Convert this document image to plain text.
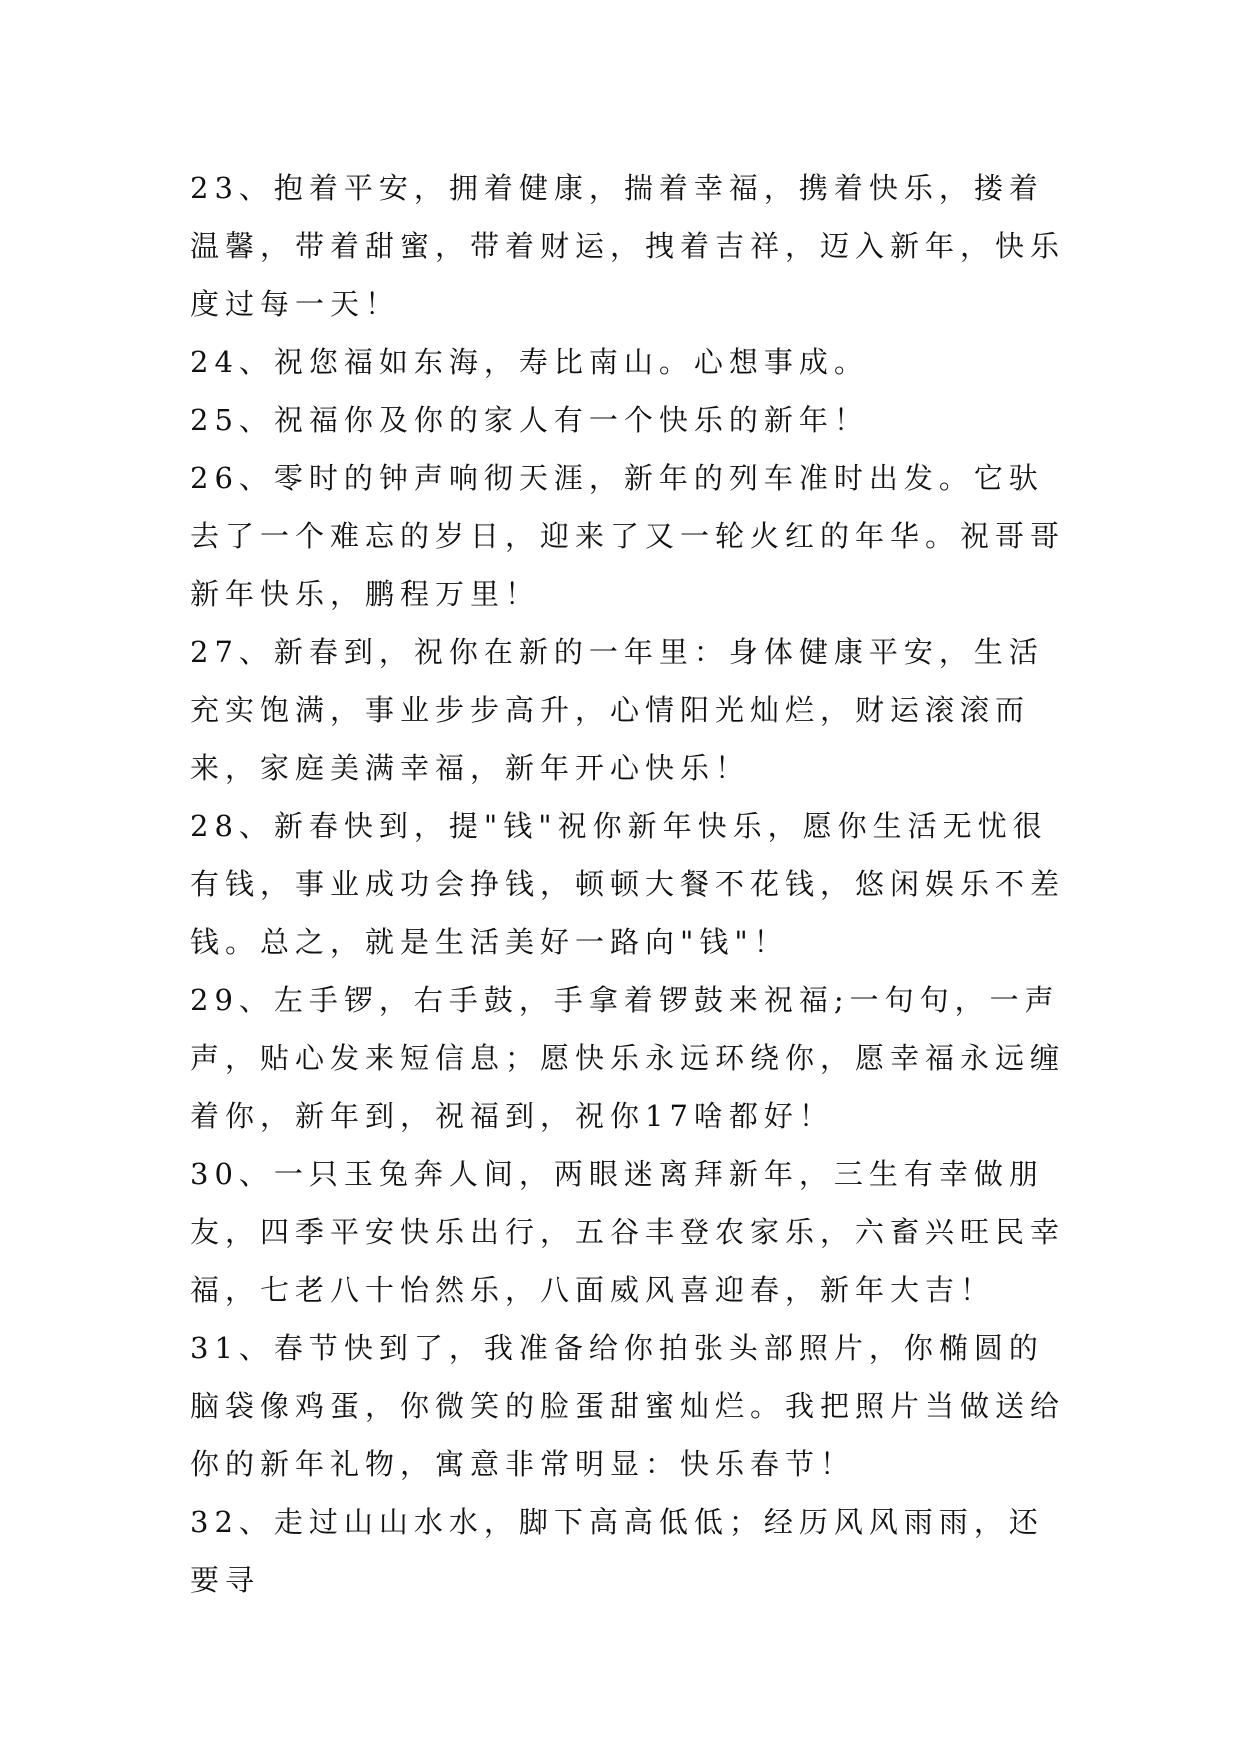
23、抱着平安，拥着健康，揣着幸福，携着快乐，搂着温馨，带着甜蜜，带着财运，拽着吉祥，迈入新年，快乐度过每一天！

24、祝您福如东海，寿比南山。心想事成。

25、祝福你及你的家人有一个快乐的新年！

26、零时的钟声响彻天涯，新年的列车准时出发。它驮去了一个难忘的岁日，迎来了又一轮火红的年华。祝哥哥新年快乐，鹏程万里！

27、新春到，祝你在新的一年里：身体健康平安，生活充实饱满，事业步步高升，心情阳光灿烂，财运滚滚而来，家庭美满幸福，新年开心快乐！

28、新春快到，提"钱"祝你新年快乐，愿你生活无忧很有钱，事业成功会挣钱，顿顿大餐不花钱，悠闲娱乐不差钱。总之，就是生活美好一路向"钱"！

29、左手锣，右手鼓，手拿着锣鼓来祝福;一句句，一声声，贴心发来短信息；愿快乐永远环绕你，愿幸福永远缠着你，新年到，祝福到，祝你17啥都好！

30、一只玉兔奔人间，两眼迷离拜新年，三生有幸做朋友，四季平安快乐出行，五谷丰登农家乐，六畜兴旺民幸福，七老八十怡然乐，八面威风喜迎春，新年大吉！

31、春节快到了，我准备给你拍张头部照片，你椭圆的脑袋像鸡蛋，你微笑的脸蛋甜蜜灿烂。我把照片当做送给你的新年礼物，寓意非常明显：快乐春节！

32、走过山山水水，脚下高高低低；经历风风雨雨，还要寻
